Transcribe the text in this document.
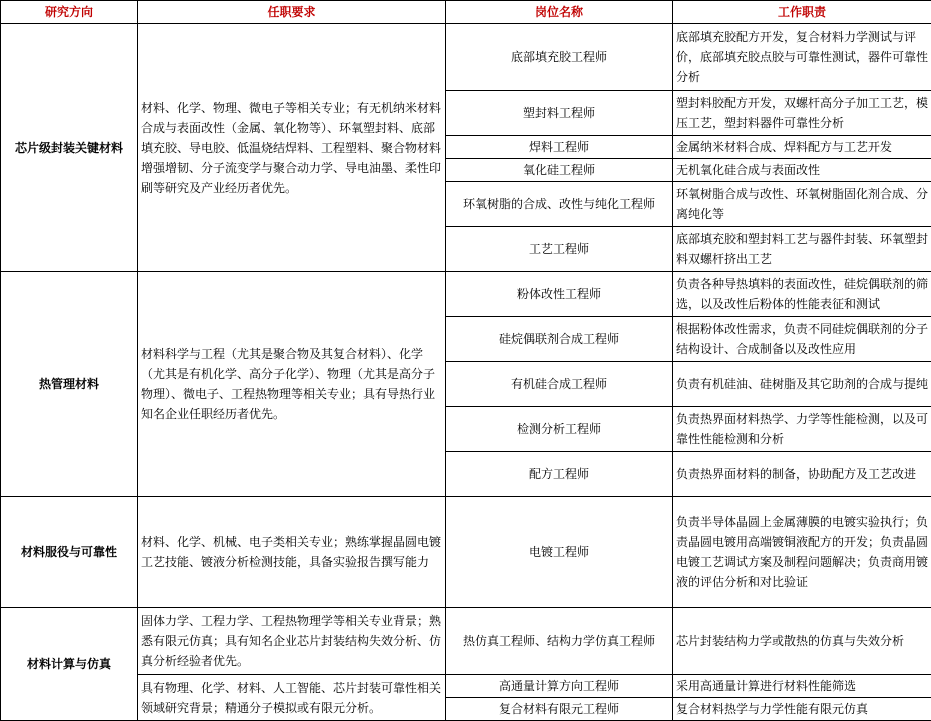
研究方向	任职要求	岗位名称	工作职责
芯片级封装关键材料	材料、化学、物理、微电子等相关专业；有无机纳米材料合成与表面改性（金属、氧化物等）、环氧塑封料、底部填充胶、导电胶、低温烧结焊料、工程塑料、聚合物材料增强增韧、分子流变学与聚合动力学、导电油墨、柔性印刷等研究及产业经历者优先。	底部填充胶工程师	底部填充胶配方开发，复合材料力学测试与评价，底部填充胶点胶与可靠性测试，器件可靠性分析
		塑封料工程师	塑封料胶配方开发，双螺杆高分子加工工艺，模压工艺，塑封料器件可靠性分析
		焊料工程师	金属纳米材料合成、焊料配方与工艺开发
		氧化硅工程师	无机氧化硅合成与表面改性
		环氧树脂的合成、改性与纯化工程师	环氧树脂合成与改性、环氧树脂固化剂合成、分离纯化等
		工艺工程师	底部填充胶和塑封料工艺与器件封装、环氧塑封料双螺杆挤出工艺
热管理材料	材料科学与工程（尤其是聚合物及其复合材料）、化学（尤其是有机化学、高分子化学）、物理（尤其是高分子物理）、微电子、工程热物理等相关专业；具有导热行业知名企业任职经历者优先。	粉体改性工程师	负责各种导热填料的表面改性，硅烷偶联剂的筛选，以及改性后粉体的性能表征和测试
		硅烷偶联剂合成工程师	根据粉体改性需求，负责不同硅烷偶联剂的分子结构设计、合成制备以及改性应用
		有机硅合成工程师	负责有机硅油、硅树脂及其它助剂的合成与提纯
		检测分析工程师	负责热界面材料热学、力学等性能检测，以及可靠性性能检测和分析
		配方工程师	负责热界面材料的制备，协助配方及工艺改进
材料服役与可靠性	材料、化学、机械、电子类相关专业；熟练掌握晶圆电镀工艺技能、镀液分析检测技能，具备实验报告撰写能力	电镀工程师	负责半导体晶圆上金属薄膜的电镀实验执行；负责晶圆电镀用高端镀铜液配方的开发；负责晶圆电镀工艺调试方案及制程问题解决；负责商用镀液的评估分析和对比验证
材料计算与仿真	固体力学、工程力学、工程热物理学等相关专业背景；熟悉有限元仿真；具有知名企业芯片封装结构失效分析、仿真分析经验者优先。	热仿真工程师、结构力学仿真工程师	芯片封装结构力学或散热的仿真与失效分析
	具有物理、化学、材料、人工智能、芯片封装可靠性相关领域研究背景；精通分子模拟或有限元分析。	高通量计算方向工程师	采用高通量计算进行材料性能筛选
		复合材料有限元工程师	复合材料热学与力学性能有限元仿真
